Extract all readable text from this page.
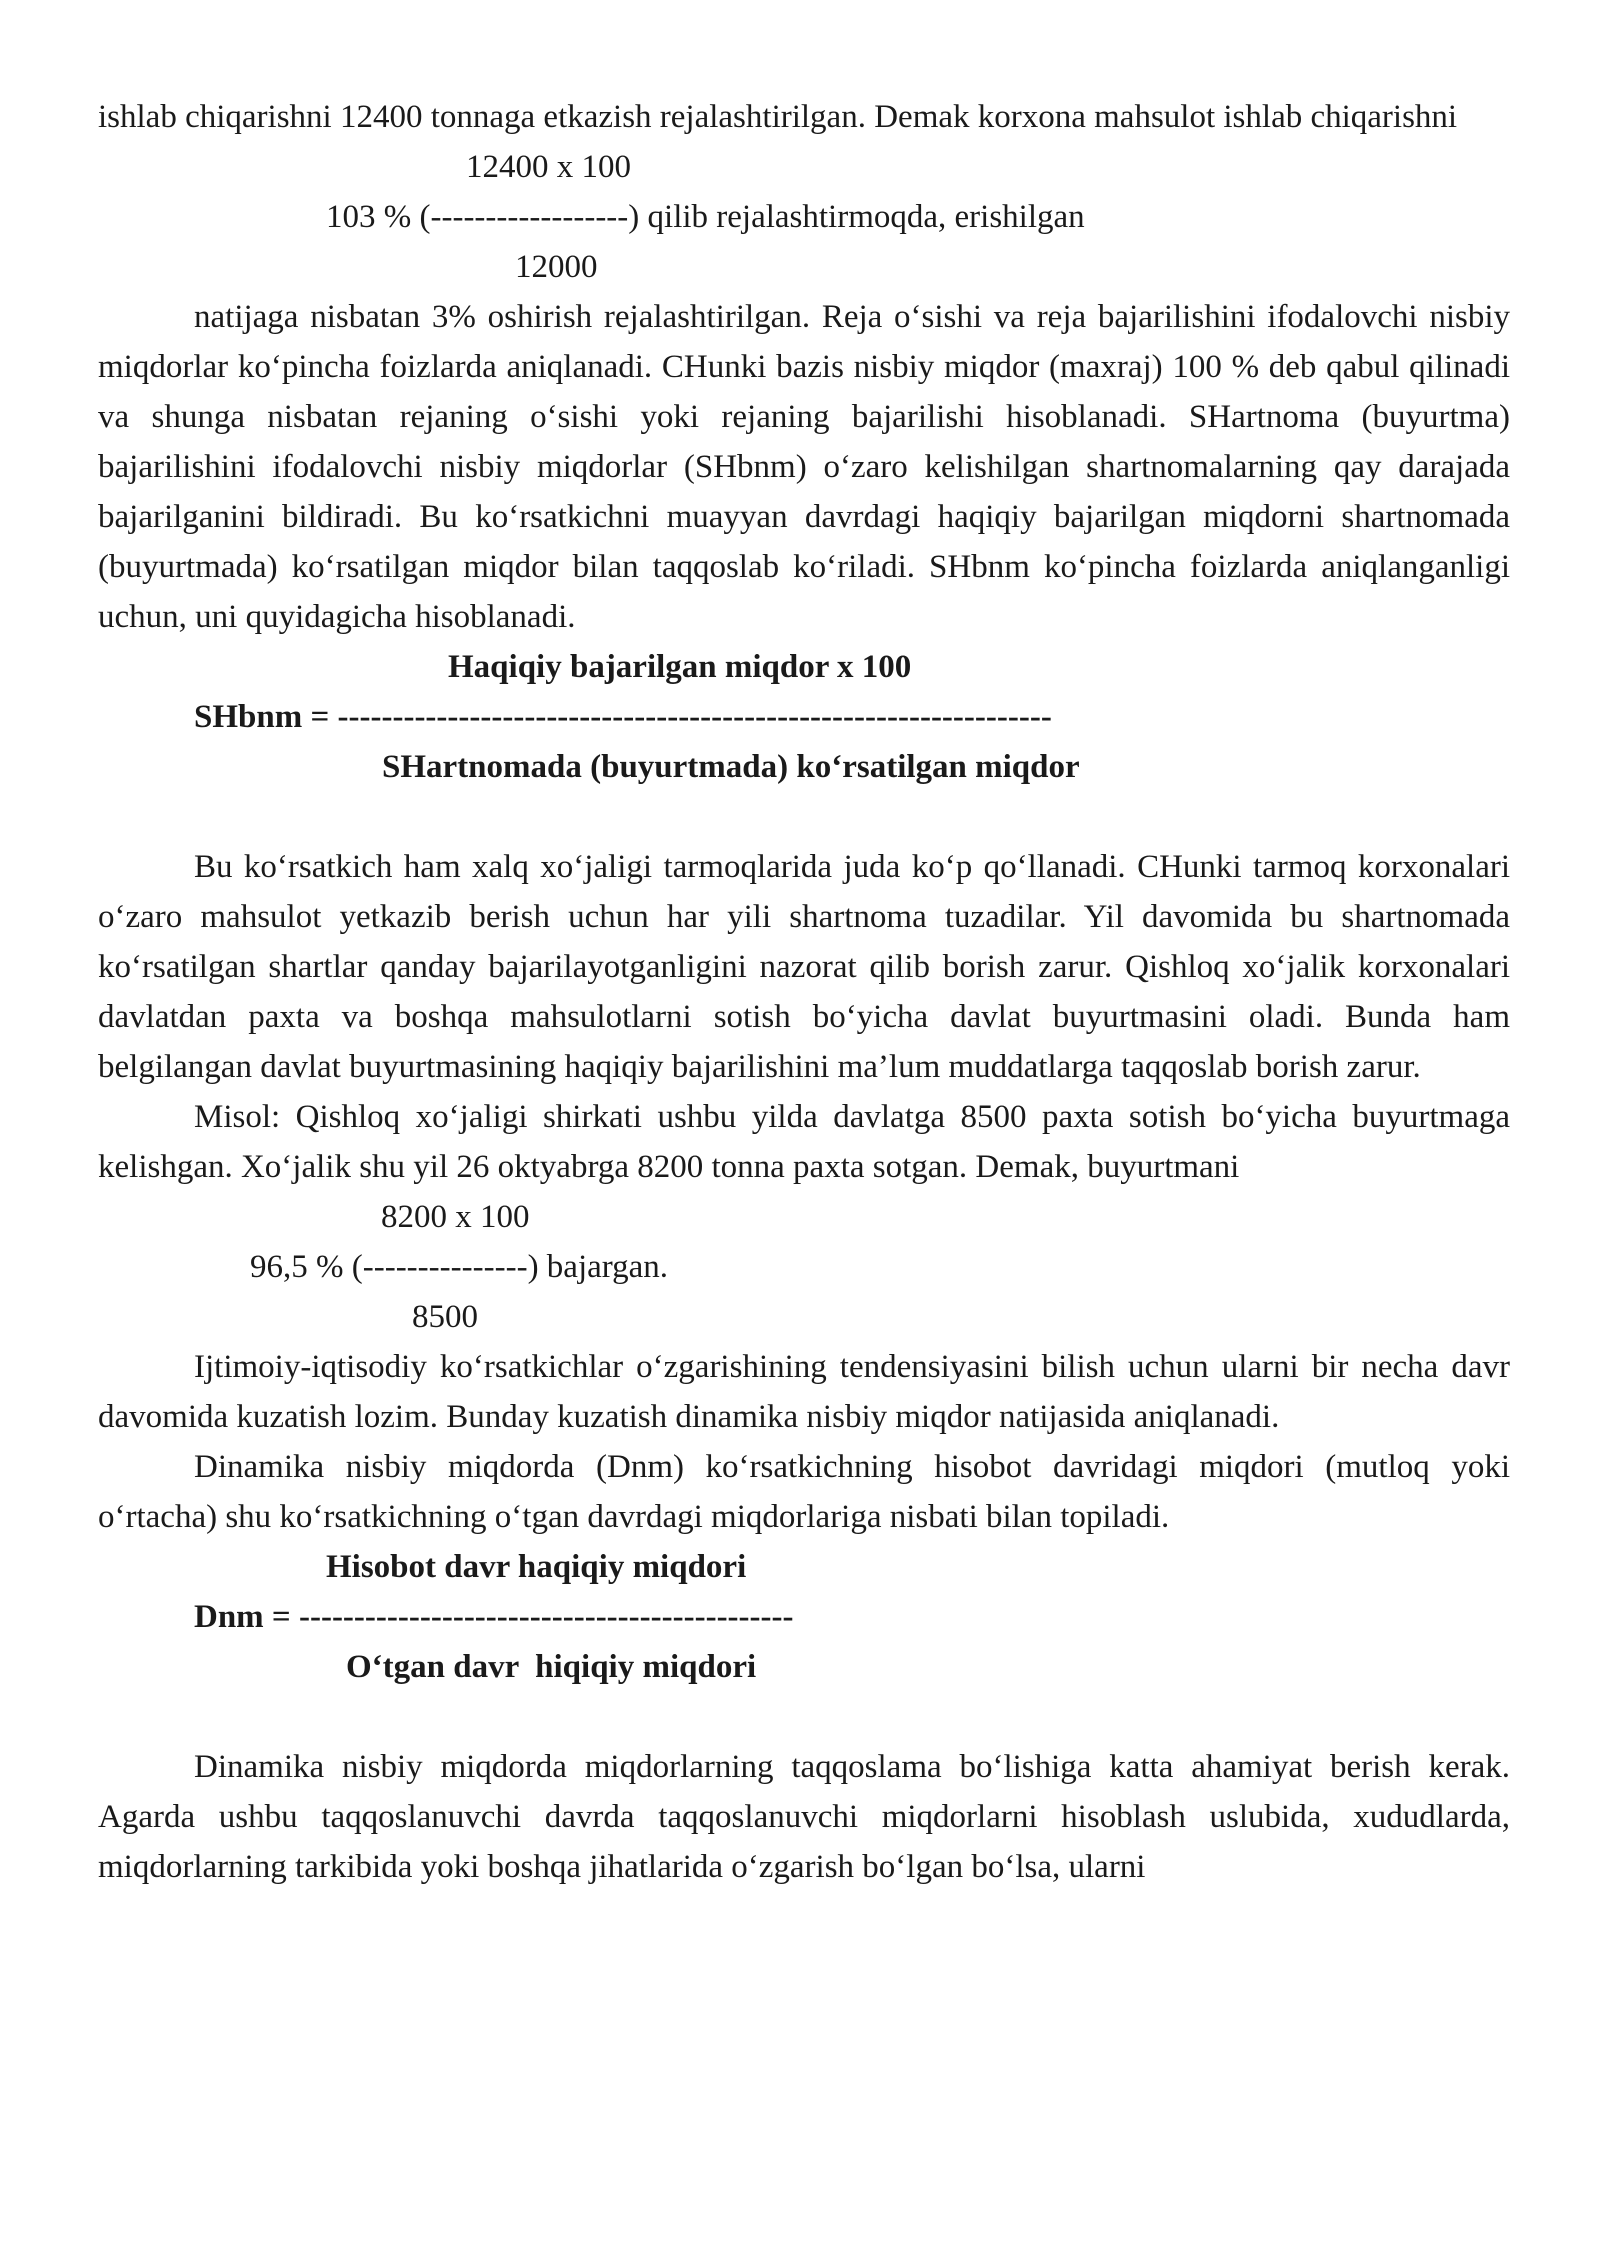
ishlab chiqarishni 12400 tonnaga etkazish rejalashtirilgan. Demak korxona mahsulot ishlab chiqarishni

12400 x 100
103 % (------------------) qilib rejalashtirmoqda, erishilgan
12000

natijaga nisbatan 3% oshirish rejalashtirilgan. Reja o‘sishi va reja bajarilishini ifodalovchi nisbiy miqdorlar ko‘pincha foizlarda aniqlanadi. CHunki bazis nisbiy miqdor (maxraj) 100 % deb qabul qilinadi va shunga nisbatan rejaning o‘sishi yoki rejaning bajarilishi hisoblanadi. SHartnoma (buyurtma) bajarilishini ifodalovchi nisbiy miqdorlar (SHbnm) o‘zaro kelishilgan shartnomalarning qay darajada bajarilganini bildiradi. Bu ko‘rsatkichni muayyan davrdagi haqiqiy bajarilgan miqdorni shartnomada (buyurtmada) ko‘rsatilgan miqdor bilan taqqoslab ko‘riladi. SHbnm ko‘pincha foizlarda aniqlanganligi uchun, uni quyidagicha hisoblanadi.

Haqiqiy bajarilgan miqdor x 100
SHbnm = -----------------------------------------------------------------
SHartnomada (buyurtmada) ko‘rsatilgan miqdor

Bu ko‘rsatkich ham xalq xo‘jaligi tarmoqlarida juda ko‘p qo‘llanadi. CHunki tarmoq korxonalari o‘zaro mahsulot yetkazib berish uchun har yili shartnoma tuzadilar. Yil davomida bu shartnomada ko‘rsatilgan shartlar qanday bajarilayotganligini nazorat qilib borish zarur. Qishloq xo‘jalik korxonalari davlatdan paxta va boshqa mahsulotlarni sotish bo‘yicha davlat buyurtmasini oladi. Bunda ham belgilangan davlat buyurtmasining haqiqiy bajarilishini ma’lum muddatlarga taqqoslab borish zarur.

Misol: Qishloq xo‘jaligi shirkati ushbu yilda davlatga 8500 paxta sotish bo‘yicha buyurtmaga kelishgan. Xo‘jalik shu yil 26 oktyabrga 8200 tonna paxta sotgan. Demak, buyurtmani

8200 x 100
96,5 % (---------------) bajargan.
8500

Ijtimoiy-iqtisodiy ko‘rsatkichlar o‘zgarishining tendensiyasini bilish uchun ularni bir necha davr davomida kuzatish lozim. Bunday kuzatish dinamika nisbiy miqdor natijasida aniqlanadi.

Dinamika nisbiy miqdorda (Dnm) ko‘rsatkichning hisobot davridagi miqdori (mutloq yoki o‘rtacha) shu ko‘rsatkichning o‘tgan davrdagi miqdorlariga nisbati bilan topiladi.

Hisobot davr haqiqiy miqdori
Dnm = ---------------------------------------------
O‘tgan davr  hiqiqiy miqdori

Dinamika nisbiy miqdorda miqdorlarning taqqoslama bo‘lishiga katta ahamiyat berish kerak. Agarda ushbu taqqoslanuvchi davrda taqqoslanuvchi miqdorlarni hisoblash uslubida, xududlarda, miqdorlarning tarkibida yoki boshqa jihatlarida o‘zgarish bo‘lgan bo‘lsa, ularni
